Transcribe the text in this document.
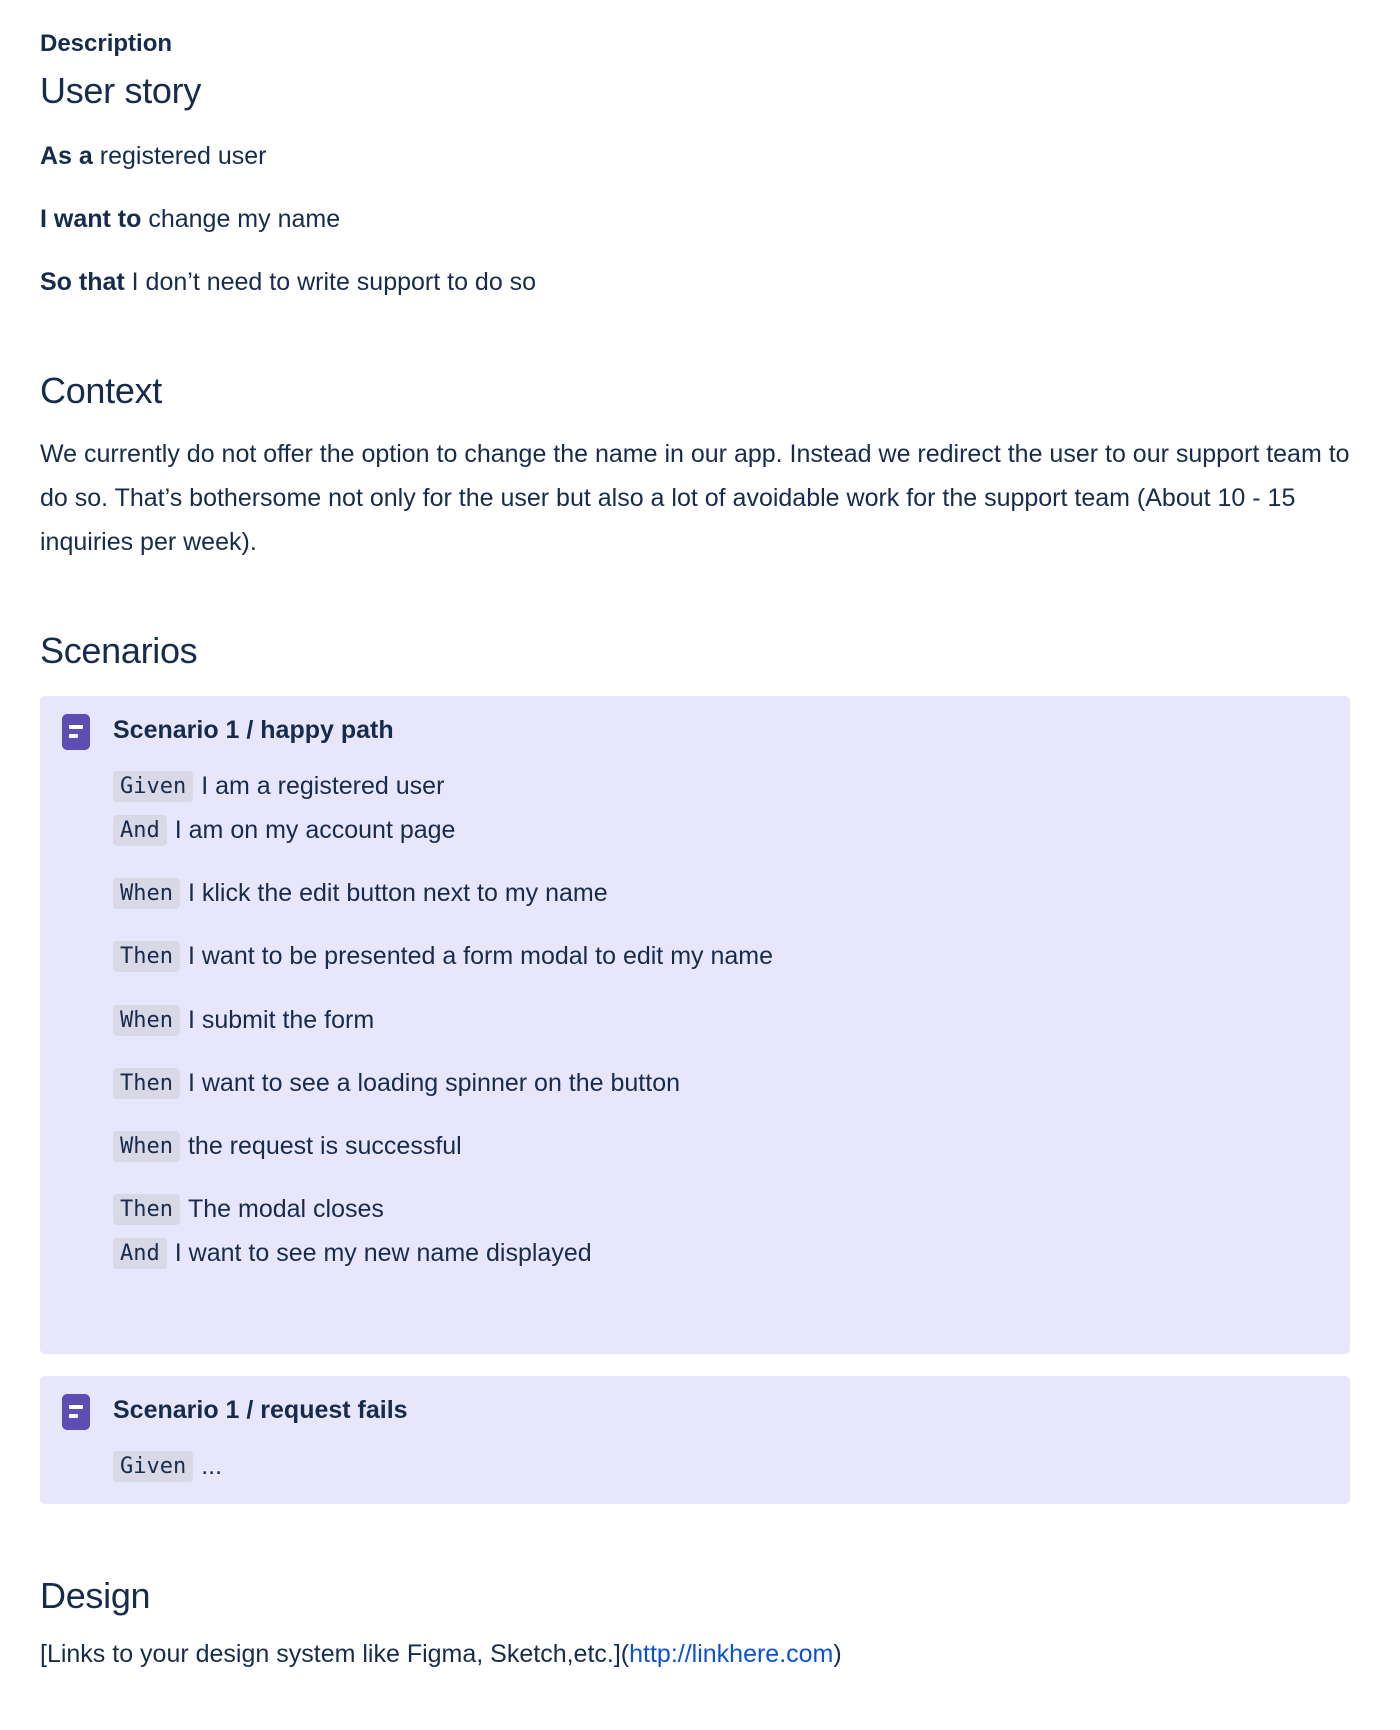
Description
User story
As a registered user
I want to change my name
So that I don’t need to write support to do so
Context
We currently do not offer the option to change the name in our app. Instead we redirect the user to our support team to do so. That’s bothersome not only for the user but also a lot of avoidable work for the support team (About 10 - 15 inquiries per week).
Scenarios
Scenario 1 / happy path
Given I am a registered user
And I am on my account page
When I klick the edit button next to my name
Then I want to be presented a form modal to edit my name
When I submit the form
Then I want to see a loading spinner on the button
When the request is successful
Then The modal closes
And I want to see my new name displayed
Scenario 1 / request fails
Given ...
Design
[Links to your design system like Figma, Sketch,etc.](http://linkhere.com)
